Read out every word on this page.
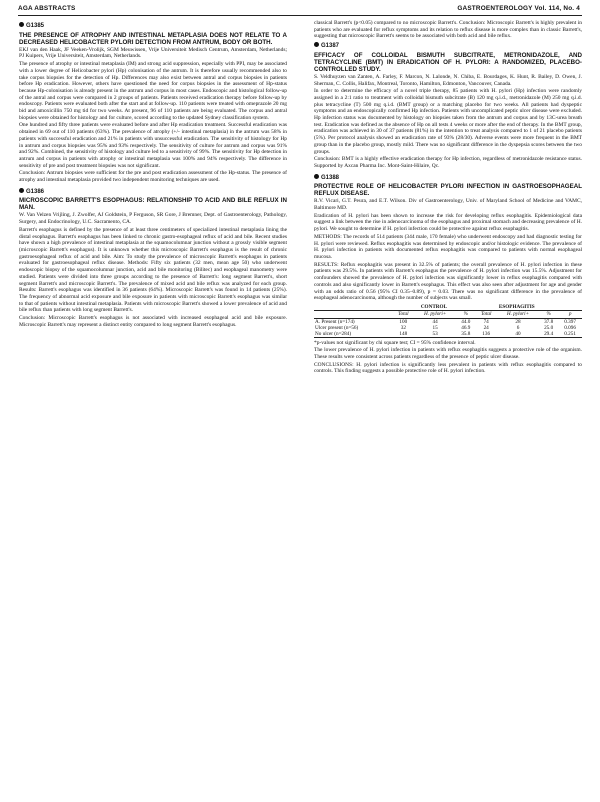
AGA ABSTRACTS	GASTROENTEROLOGY Vol. 114, No. 4
G1385
THE PRESENCE OF ATROPHY AND INTESTINAL METAPLASIA DOES NOT RELATE TO A DECREASED HELICOBACTER PYLORI DETECTION FROM ANTRUM, BODY OR BOTH.
EKJ van den Haak, JF Veeken-Vrolijk, SGM Meuwissen, Vrije Universiteit Medisch Centrum, Amsterdam, Netherlands; PJ Kuipers, Vrije Universiteit, Amsterdam, Netherlands.

The presence of atrophy or intestinal metaplasia (IM) and strong acid suppression, especially with PPI, may be associated with a lower degree of Helicobacter pylori (Hp) colonisation of the antrum. It is therefore usually recommended also to take corpus biopsies for the detection of Hp. Differences may also exist between antral and corpus biopsies in patients before Hp eradication. However, others have questioned the need for corpus biopsies in the assessment of Hp-status because Hp-colonisation is already present in the antrum and corpus in most cases. Endoscopic and histological follow-up of the antral and corpus were compared in 2 groups of patients. Patients received eradication therapy before follow-up by endoscopy. Patients were evaluated both after the start and at follow-up. 110 patients were treated with omeprazole 20 mg bid and amoxicillin 750 mg tid for two weeks. At present, 96 of 110 patients are being evaluated. The corpus and antral biopsies were obtained for histology and for culture, scored according to the updated Sydney classification system.

One hundred and fifty three patients were evaluated before and after Hp eradication treatment. Successful eradication was obtained in 69 out of 110 patients (63%). The prevalence of atrophy (+/- intestinal metaplasia) in the antrum was 58% in patients with successful eradication and 21% in patients with unsuccessful eradication. The sensitivity of histology for Hp in antrum and corpus biopsies was 95% and 93% respectively. The sensitivity of culture for antrum and corpus was 91% and 92%. Combined, the sensitivity of histology and culture led to a sensitivity of 99%. The sensitivity for Hp detection in antrum and corpus in patients with atrophy or intestinal metaplasia was 100% and 94% respectively. The difference in sensitivity of pre and post treatment biopsies was not significant.

Conclusion: Antrum biopsies were sufficient for the pre and post eradication assessment of the Hp-status. The presence of atrophy and intestinal metaplasia provided two independent monitoring techniques are used.

G1386
MICROSCOPIC BARRETT'S ESOPHAGUS: RELATIONSHIP TO ACID AND BILE REFLUX IN MAN.
W. Van Velzen Vrijling, J. Zwolfer, AJ Goldstein, P Ferguson, SR Gore, J Bremner, Dept. of Gastroenterology, Pathology, Surgery, and Endocrinology, U.C. Sacramento, CA.

Barrett's esophagus is defined by the presence of at least three centimeters of specialized intestinal metaplasia lining the distal esophagus. Barrett's esophagus has been linked to chronic gastro-esophageal reflux of acid and bile. Recent studies have shown a high prevalence of intestinal metaplasia at the squamocolumnar junction without a grossly visible segment (microscopic Barrett's esophagus). It is unknown whether this microscopic Barrett's esophagus is the result of chronic gastroesophageal reflux of acid and bile. Aim: To study the prevalence of microscopic Barrett's esophagus in patients evaluated for gastroesophageal reflux disease. Methods: Fifty six patients (32 men, mean age 50) who underwent endoscopic biopsy of the squamocolumnar junction, acid and bile monitoring (Bilitec) and esophageal manometry were studied. Patients were divided into three groups according to the presence of Barrett's: long segment Barrett's, short segment Barrett's and microscopic Barrett's. The prevalence of mixed acid and bile reflux was analyzed for each group. Results: Barrett's esophagus was identified in 36 patients (64%). Microscopic Barrett's was found in 14 patients (25%). The frequency of abnormal acid exposure and bile exposure in patients with microscopic Barrett's esophagus was similar to that of patients without intestinal metaplasia. Patients with microscopic Barrett's showed a lower prevalence of acid and bile reflux than patients with long segment Barrett's.

Conclusion: Microscopic Barrett's esophagus is not associated with increased esophageal acid and bile exposure. Microscopic Barrett's may represent a distinct entity compared to long segment Barrett's esophagus.

classical Barrett's (p<0.05) compared to no microscopic Barrett's. Conclusion: Microscopic Barrett's is highly prevalent in patients who are evaluated for reflux symptoms and its relation to reflux disease is more complex than in classic Barrett's, suggesting that microscopic Barrett's seems to be associated with both acid and bile reflux.

G1387
EFFICACY OF COLLOIDAL BISMUTH SUBCITRATE, METRONIDAZOLE, AND TETRACYCLINE (BMT) IN ERADICATION OF H. PYLORI: A RANDOMIZED, PLACEBO-CONTROLLED STUDY.
S. Veldhuyzen van Zanten, A. Farley, F. Marcon, N. Lalonde, N. Chiba, E. Bourdages, K. Hunt, R. Bailey, D. Owen, J. Sherman, C. Collis, Halifax, Montreal, Toronto, Hamilton, Edmonton, Vancouver, Canada.

In order to determine the efficacy of a novel triple therapy, 85 patients with H. pylori (Hp) infection were randomly assigned in a 2:1 ratio to treatment with colloidal bismuth subcitrate (B) 120 mg q.i.d., metronidazole (M) 250 mg q.i.d. plus tetracycline (T) 500 mg q.i.d. (BMT group) or a matching placebo for two weeks. All patients had dyspeptic symptoms and an endoscopically confirmed Hp infection. Patients with uncomplicated peptic ulcer disease were excluded. Hp infection status was documented by histology on biopsies taken from the antrum and corpus and by 13C-urea breath test. Eradication was defined as the absence of Hp on all tests 4 weeks or more after the end of therapy. In the BMT group, eradication was achieved in 30 of 37 patients (81%) in the intention to treat analysis compared to 1 of 21 placebo patients (5%). Per protocol analysis showed an eradication rate of 93% (28/30). Adverse events were more frequent in the BMT group than in the placebo group, mostly mild. There was no significant difference in the dyspepsia scores between the two groups.

Conclusion: BMT is a highly effective eradication therapy for Hp infection, regardless of metronidazole resistance status. Supported by Axcan Pharma Inc. Mont-Saint-Hilaire, Qc.

G1388
PROTECTIVE ROLE OF HELICOBACTER PYLORI INFECTION IN GASTROESOPHAGEAL REFLUX DISEASE.
R.V. Vicari, G.T. Peura, and E.T. Wilson. Div of Gastroenterology, Univ. of Maryland School of Medicine and VAMC, Baltimore MD.

Eradication of H. pylori has been shown to increase the risk for developing reflux esophagitis. Epidemiological data suggest a link between the rise in adenocarcinoma of the esophagus and proximal stomach and decreasing prevalence of H. pylori. We sought to determine if H. pylori infection could be protective against reflux esophagitis.

METHODS: The records of 514 patients (344 male, 170 female) who underwent endoscopy and had diagnostic testing for H. pylori were reviewed. Reflux esophagitis was determined by endoscopic and/or histologic evidence. The prevalence of H. pylori infection in patients with documented reflux esophagitis was compared to patients with normal esophageal mucosa.

RESULTS: Reflux esophagitis was present in 32.5% of patients; the overall prevalence of H. pylori infection in these patients was 29.5%. In patients with Barrett's esophagus the prevalence of H. pylori infection was 15.5%. Adjustment for confounders showed the prevalence of H. pylori infection was significantly lower in reflux esophagitis compared with controls and also significantly lower in Barrett's esophagus. This effect was also seen after adjustment for age and gender with an odds ratio of 0.56 (95% CI 0.35–0.89), p = 0.03. There was no significant difference in the prevalence of esophageal adenocarcinoma, although the number of subjects was small.

	CONTROL			ESOPHAGITIS			
	Total	H. pylori+	%	Total	H. pylori+	%	p
A. Present (n=174)	100	44	44.0	74	28	37.8	0.397
Ulcer present (n=56)	32	15	46.9	24	6	25.0	0.096
No ulcer (n=284)	148	53	35.8	136	40	29.4	0.251

*p-values not significant by chi square test; CI = 95% confidence interval.

The lower prevalence of H. pylori infection in patients with reflux esophagitis suggests a protective role of the organism. These results were consistent across patients regardless of the presence of peptic ulcer disease.

CONCLUSIONS: H. pylori infection is significantly less prevalent in patients with reflux esophagitis compared to controls. This finding suggests a possible protective role of H. pylori infection.
